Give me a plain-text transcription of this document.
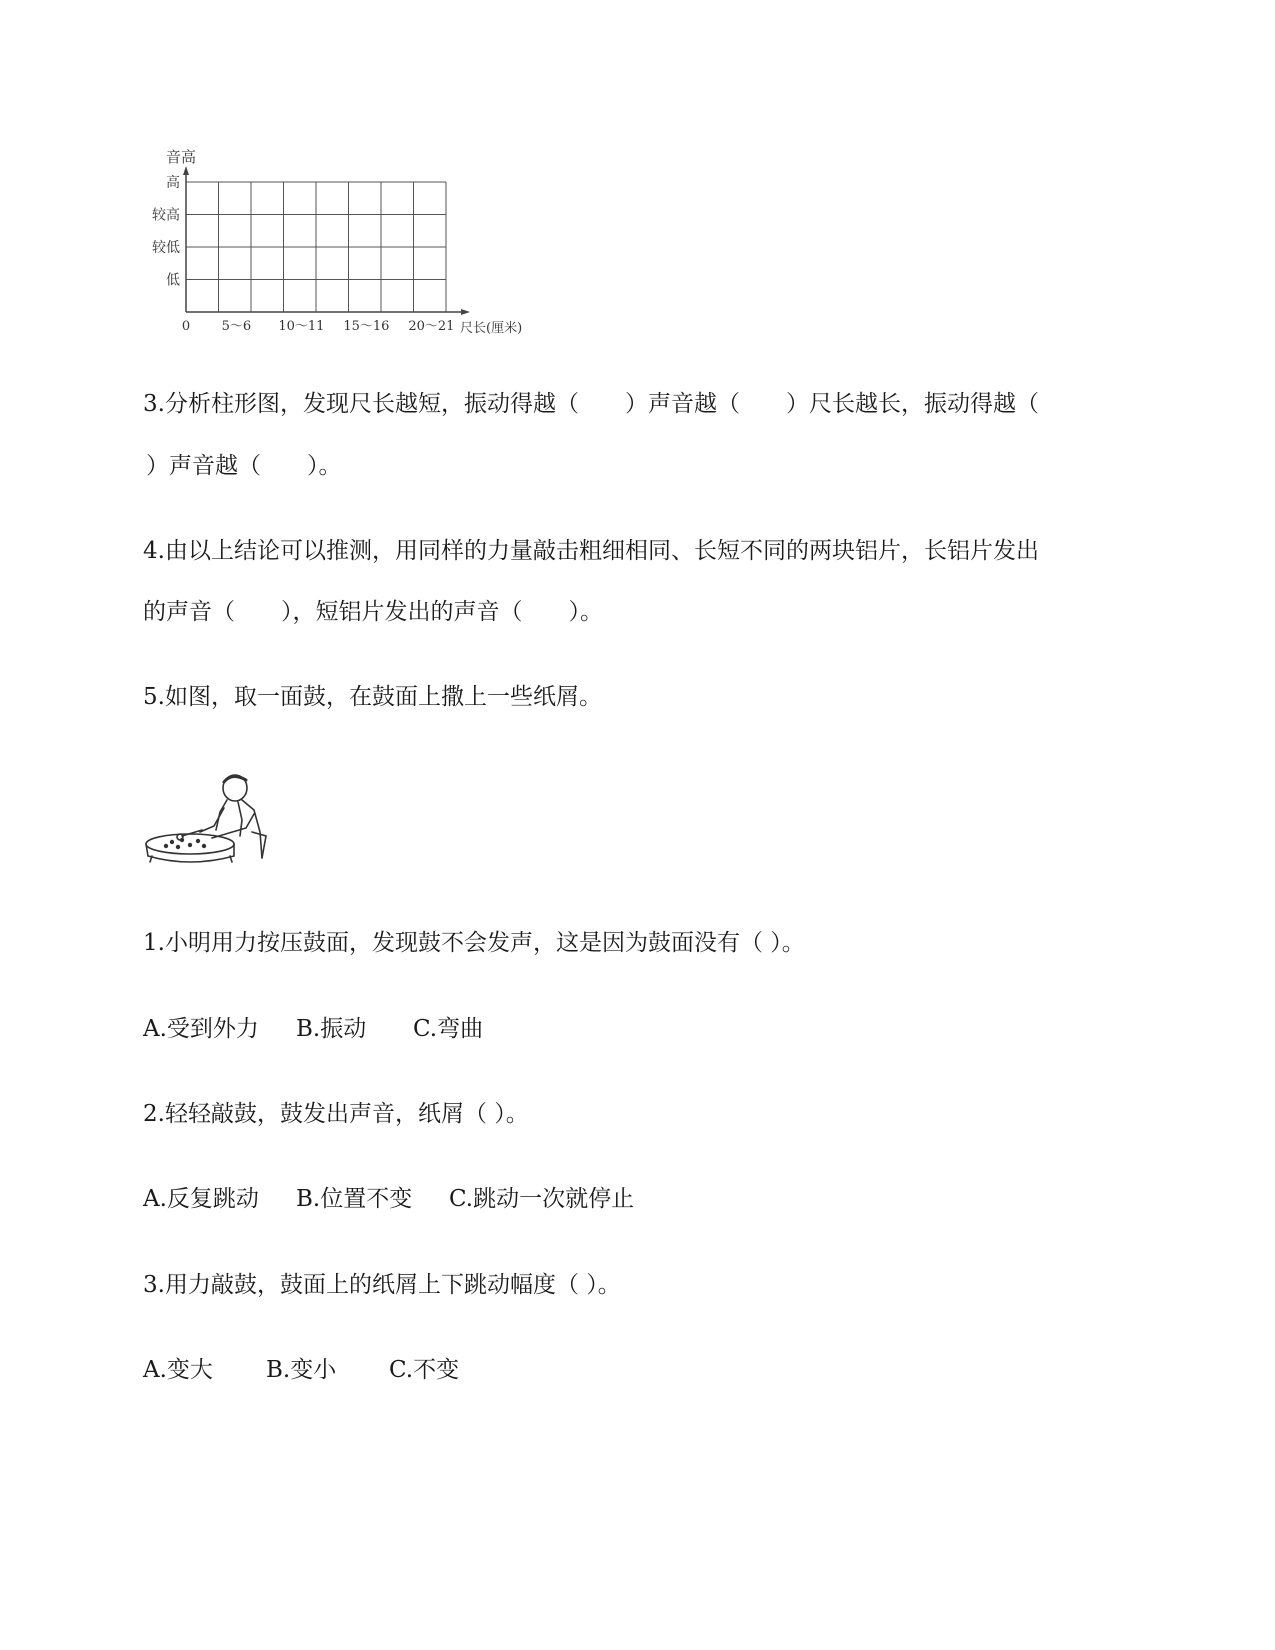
音高
高
较高
较低
低
0 5～6 10～11 15～16 20～21 尺长(厘米)
3.分析柱形图，发现尺长越短，振动得越（　　）声音越（　　）尺长越长，振动得越（
）声音越（　　）。
4.由以上结论可以推测，用同样的力量敲击粗细相同、长短不同的两块铝片，长铝片发出
的声音（　　），短铝片发出的声音（　　）。
5.如图，取一面鼓，在鼓面上撒上一些纸屑。
1.小明用力按压鼓面，发现鼓不会发声，这是因为鼓面没有（ ）。
A.受到外力 B.振动 C.弯曲
2.轻轻敲鼓，鼓发出声音，纸屑（ ）。
A.反复跳动 B.位置不变 C.跳动一次就停止
3.用力敲鼓，鼓面上的纸屑上下跳动幅度（ ）。
A.变大 B.变小 C.不变
